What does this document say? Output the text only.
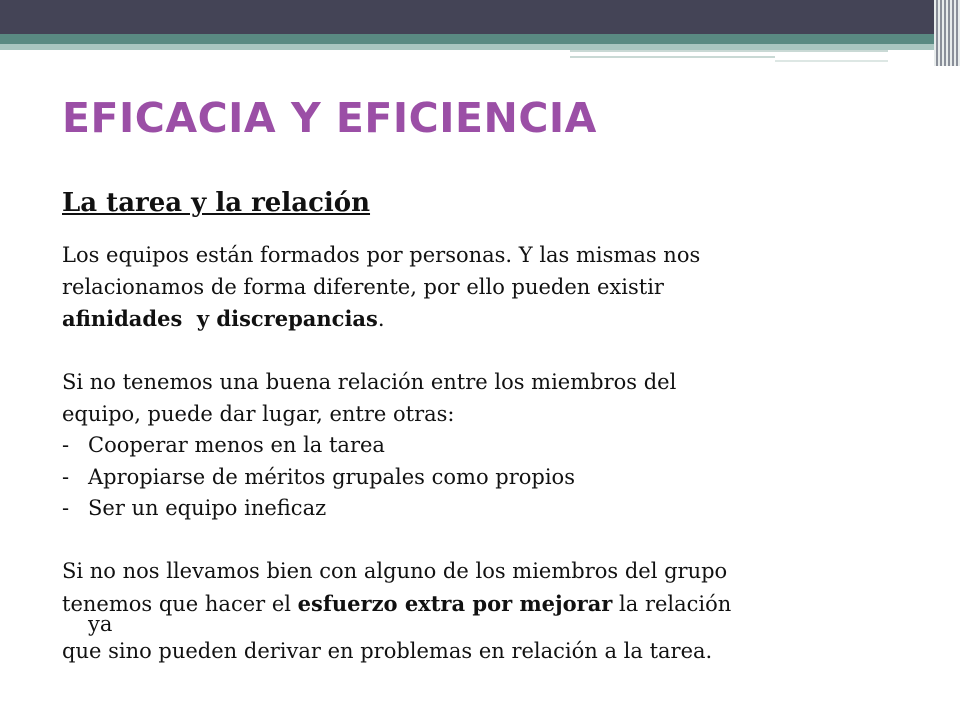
EFICACIA Y EFICIENCIA
La tarea y la relación

Los equipos están formados por personas. Y las mismas nos

relacionamos de forma diferente, por ello pueden existir

afinidades  y discrepancias.

Si no tenemos una buena relación entre los miembros del

equipo, puede dar lugar, entre otras:

- Cooperar menos en la tarea
- Apropiarse de méritos grupales como propios
- Ser un equipo ineficaz

Si no nos llevamos bien con alguno de los miembros del grupo

tenemos que hacer el esfuerzo extra por mejorar la relación
ya

que sino pueden derivar en problemas en relación a la tarea.
